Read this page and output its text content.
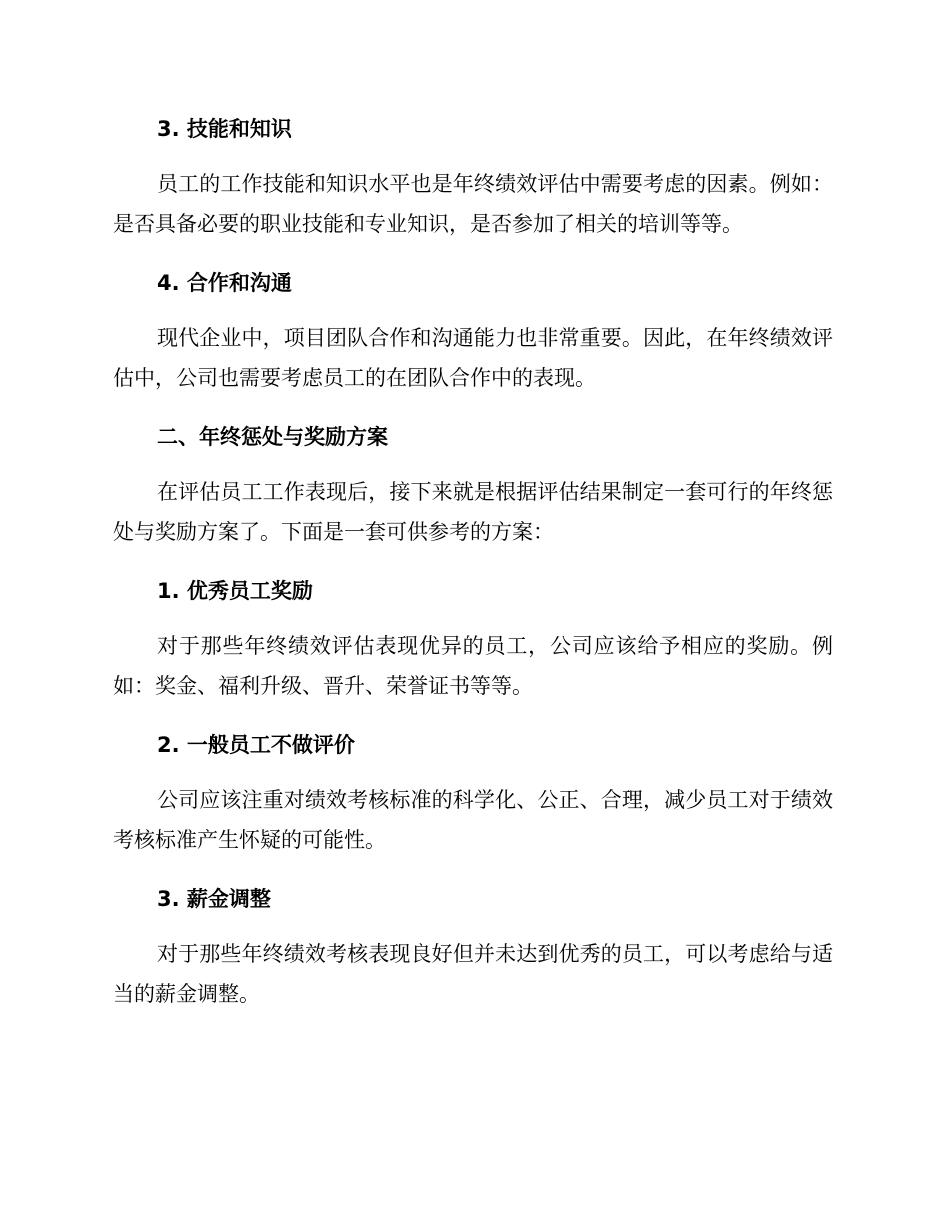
3. 技能和知识

员工的工作技能和知识水平也是年终绩效评估中需要考虑的因素。例如：是否具备必要的职业技能和专业知识，是否参加了相关的培训等等。

4. 合作和沟通

现代企业中，项目团队合作和沟通能力也非常重要。因此，在年终绩效评估中，公司也需要考虑员工的在团队合作中的表现。

二、年终惩处与奖励方案

在评估员工工作表现后，接下来就是根据评估结果制定一套可行的年终惩处与奖励方案了。下面是一套可供参考的方案：

1. 优秀员工奖励

对于那些年终绩效评估表现优异的员工，公司应该给予相应的奖励。例如：奖金、福利升级、晋升、荣誉证书等等。

2. 一般员工不做评价

公司应该注重对绩效考核标准的科学化、公正、合理，减少员工对于绩效考核标准产生怀疑的可能性。

3. 薪金调整

对于那些年终绩效考核表现良好但并未达到优秀的员工，可以考虑给与适当的薪金调整。
